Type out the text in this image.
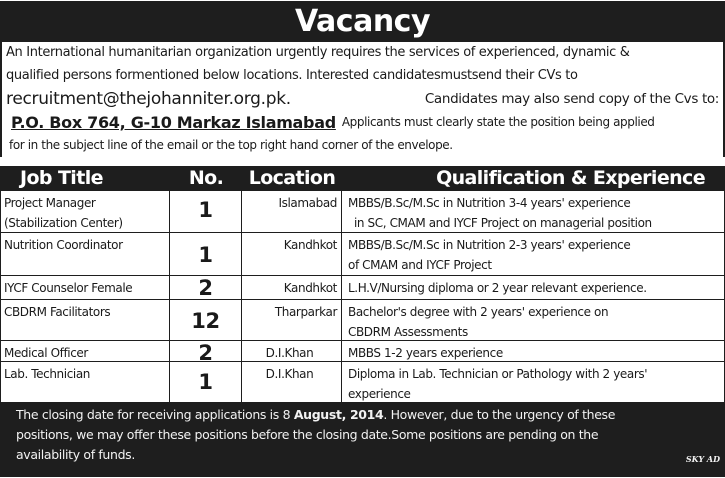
Vacancy
An International humanitarian organization urgently requires the services of experienced, dynamic &
qualified persons formentioned below locations. Interested candidatesmustsend their CVs to
recruitment@thejohanniter.org.pk.	Candidates may also send copy of the Cvs to:
P.O. Box 764, G-10 Markaz Islamabad Applicants must clearly state the position being applied
for in the subject line of the email or the top right hand corner of the envelope.
Job Title	No.	Location	Qualification & Experience
Project Manager
(Stabilization Center)
1	Islamabad MBBS/B.Sc/M.Sc in Nutrition 3-4 years' experience
in SC, CMAM and IYCF Project on managerial position
Nutrition Coordinator	1	Kandhkot MBBS/B.Sc/M.Sc in Nutrition 2-3 years' experience
of CMAM and IYCF Project
IYCF Counselor Female	2	Kandhkot L.H.V/Nursing diploma or 2 year relevant experience.
CBDRM Facilitators	12	Tharparkar Bachelor's degree with 2 years' experience on
CBDRM Assessments
Medical Officer	2	D.I.Khan	MBBS 1-2 years experience
Lab. Technician	1	D.I.Khan	Diploma in Lab. Technician or Pathology with 2 years'
experience
The closing date for receiving applications is 8 August, 2014. However, due to the urgency of these
positions, we may offer these positions before the closing date.Some positions are pending on the
availability of funds.	SKY AD
